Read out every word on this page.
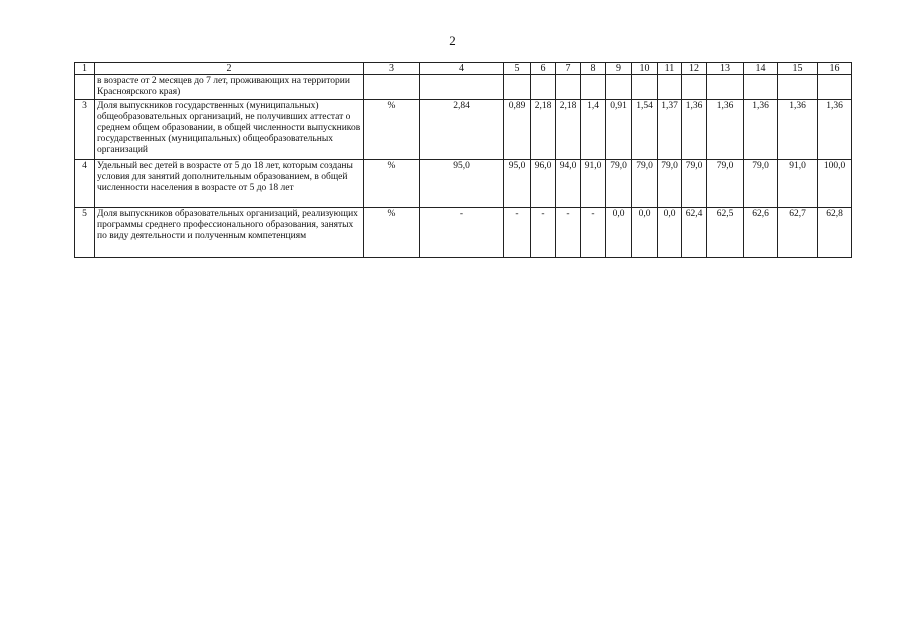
2
1	2	3	4	5	6	7	8	9	10	11	12	13	14	15	16
	в возрасте от 2 месяцев до 7 лет, проживающих на территории Красноярского края)														
3	Доля выпускников государственных (муниципальных) общеобразовательных организаций, не получивших аттестат о среднем общем образовании, в общей численности выпускников государственных (муниципальных) общеобразовательных организаций	%	2,84	0,89	2,18	2,18	1,4	0,91	1,54	1,37	1,36	1,36	1,36	1,36	1,36
4	Удельный вес детей в возрасте от 5 до 18 лет, которым созданы условия для занятий дополнительным образованием, в общей численности населения в возрасте от 5 до 18 лет	%	95,0	95,0	96,0	94,0	91,0	79,0	79,0	79,0	79,0	79,0	79,0	91,0	100,0
5	Доля выпускников образовательных организаций, реализующих программы среднего профессионального образования, занятых по виду деятельности и полученным компетенциям	%	-	-	-	-	-	0,0	0,0	0,0	62,4	62,5	62,6	62,7	62,8
